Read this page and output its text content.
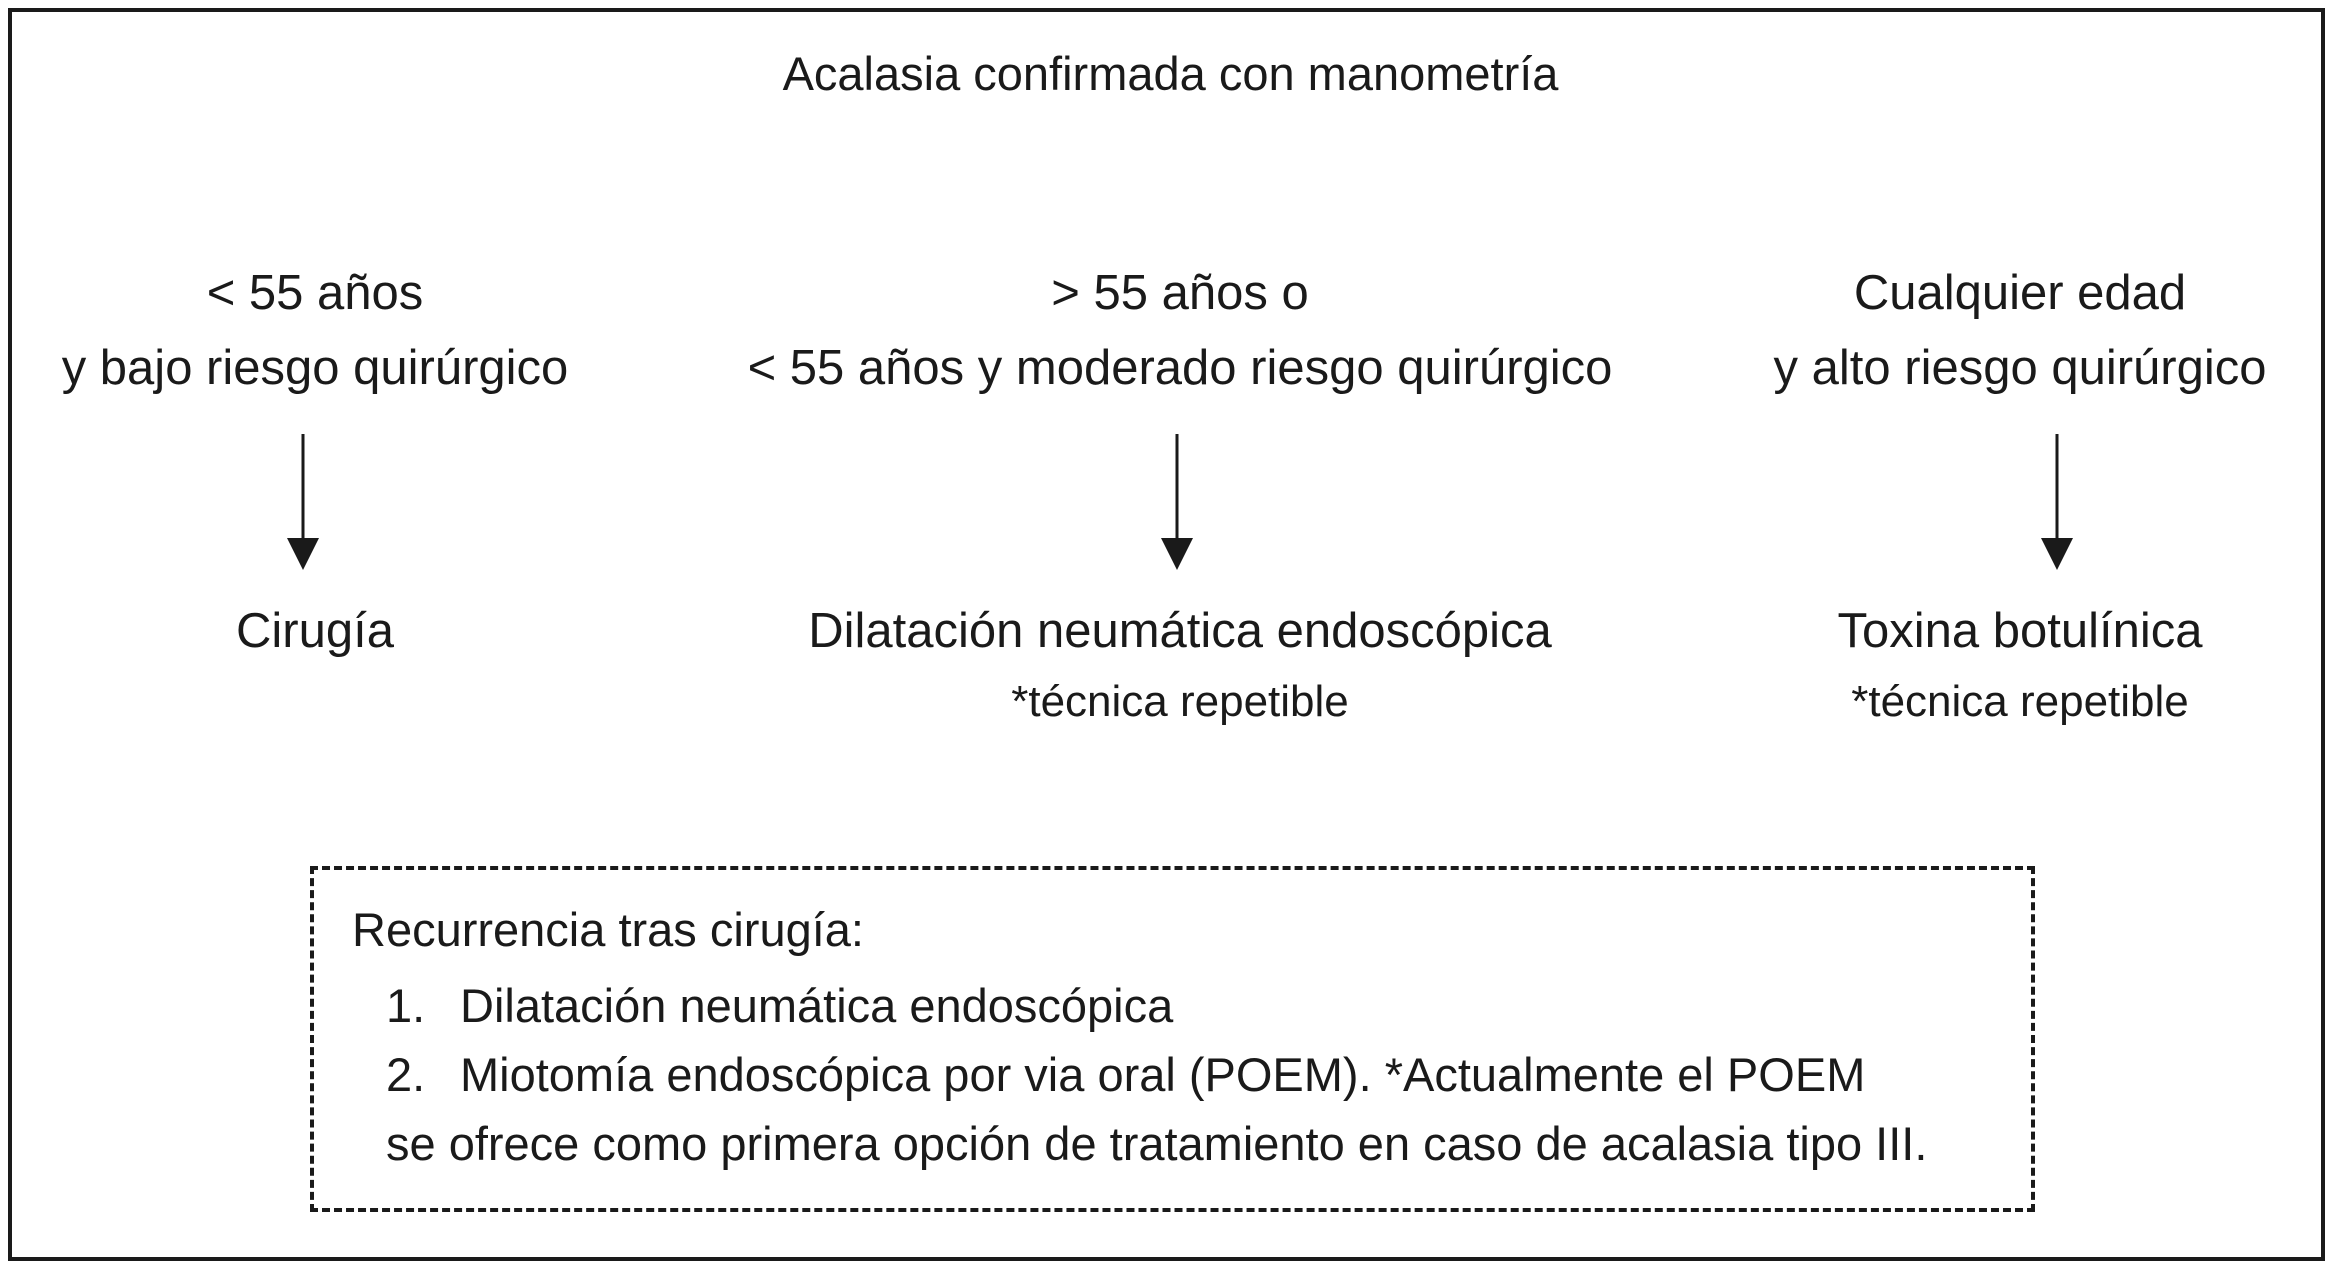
Acalasia confirmada con manometría
< 55 años
y bajo riesgo quirúrgico
Cirugía
> 55 años o
< 55 años y moderado riesgo quirúrgico
Dilatación neumática endoscópica
*técnica repetible
Cualquier edad
y alto riesgo quirúrgico
Toxina botulínica
*técnica repetible
Recurrencia tras cirugía:
1. Dilatación neumática endoscópica
2. Miotomía endoscópica por via oral (POEM). *Actualmente el POEM
se ofrece como primera opción de tratamiento en caso de acalasia tipo III.
